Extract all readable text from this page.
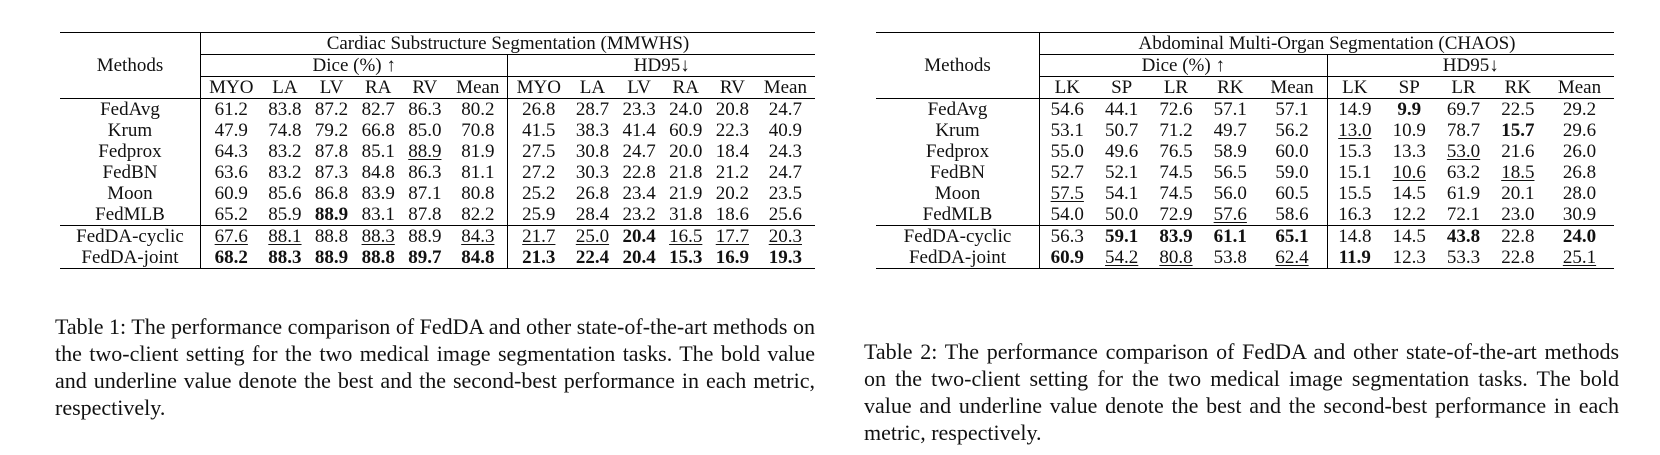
Methods	Cardiac Substructure Segmentation (MMWHS)											
	Dice (%) ↑						HD95↓					
	MYO	LA	LV	RA	RV	Mean	MYO	LA	LV	RA	RV	Mean
FedAvg	61.2	83.8	87.2	82.7	86.3	80.2	26.8	28.7	23.3	24.0	20.8	24.7
Krum	47.9	74.8	79.2	66.8	85.0	70.8	41.5	38.3	41.4	60.9	22.3	40.9
Fedprox	64.3	83.2	87.8	85.1	88.9	81.9	27.5	30.8	24.7	20.0	18.4	24.3
FedBN	63.6	83.2	87.3	84.8	86.3	81.1	27.2	30.3	22.8	21.8	21.2	24.7
Moon	60.9	85.6	86.8	83.9	87.1	80.8	25.2	26.8	23.4	21.9	20.2	23.5
FedMLB	65.2	85.9	88.9	83.1	87.8	82.2	25.9	28.4	23.2	31.8	18.6	25.6
FedDA-cyclic	67.6	88.1	88.8	88.3	88.9	84.3	21.7	25.0	20.4	16.5	17.7	20.3
FedDA-joint	68.2	88.3	88.9	88.8	89.7	84.8	21.3	22.4	20.4	15.3	16.9	19.3

Table 1: The performance comparison of FedDA and other state-of-the-art methods on the two-client setting for the two medical image segmentation tasks. The bold value and underline value denote the best and the second-best performance in each metric, respectively.

Methods	Abdominal Multi-Organ Segmentation (CHAOS)									
	Dice (%) ↑					HD95↓				
	LK	SP	LR	RK	Mean	LK	SP	LR	RK	Mean
FedAvg	54.6	44.1	72.6	57.1	57.1	14.9	9.9	69.7	22.5	29.2
Krum	53.1	50.7	71.2	49.7	56.2	13.0	10.9	78.7	15.7	29.6
Fedprox	55.0	49.6	76.5	58.9	60.0	15.3	13.3	53.0	21.6	26.0
FedBN	52.7	52.1	74.5	56.5	59.0	15.1	10.6	63.2	18.5	26.8
Moon	57.5	54.1	74.5	56.0	60.5	15.5	14.5	61.9	20.1	28.0
FedMLB	54.0	50.0	72.9	57.6	58.6	16.3	12.2	72.1	23.0	30.9
FedDA-cyclic	56.3	59.1	83.9	61.1	65.1	14.8	14.5	43.8	22.8	24.0
FedDA-joint	60.9	54.2	80.8	53.8	62.4	11.9	12.3	53.3	22.8	25.1

Table 2: The performance comparison of FedDA and other state-of-the-art methods on the two-client setting for the two medical image segmentation tasks. The bold value and underline value denote the best and the second-best performance in each metric, respectively.
